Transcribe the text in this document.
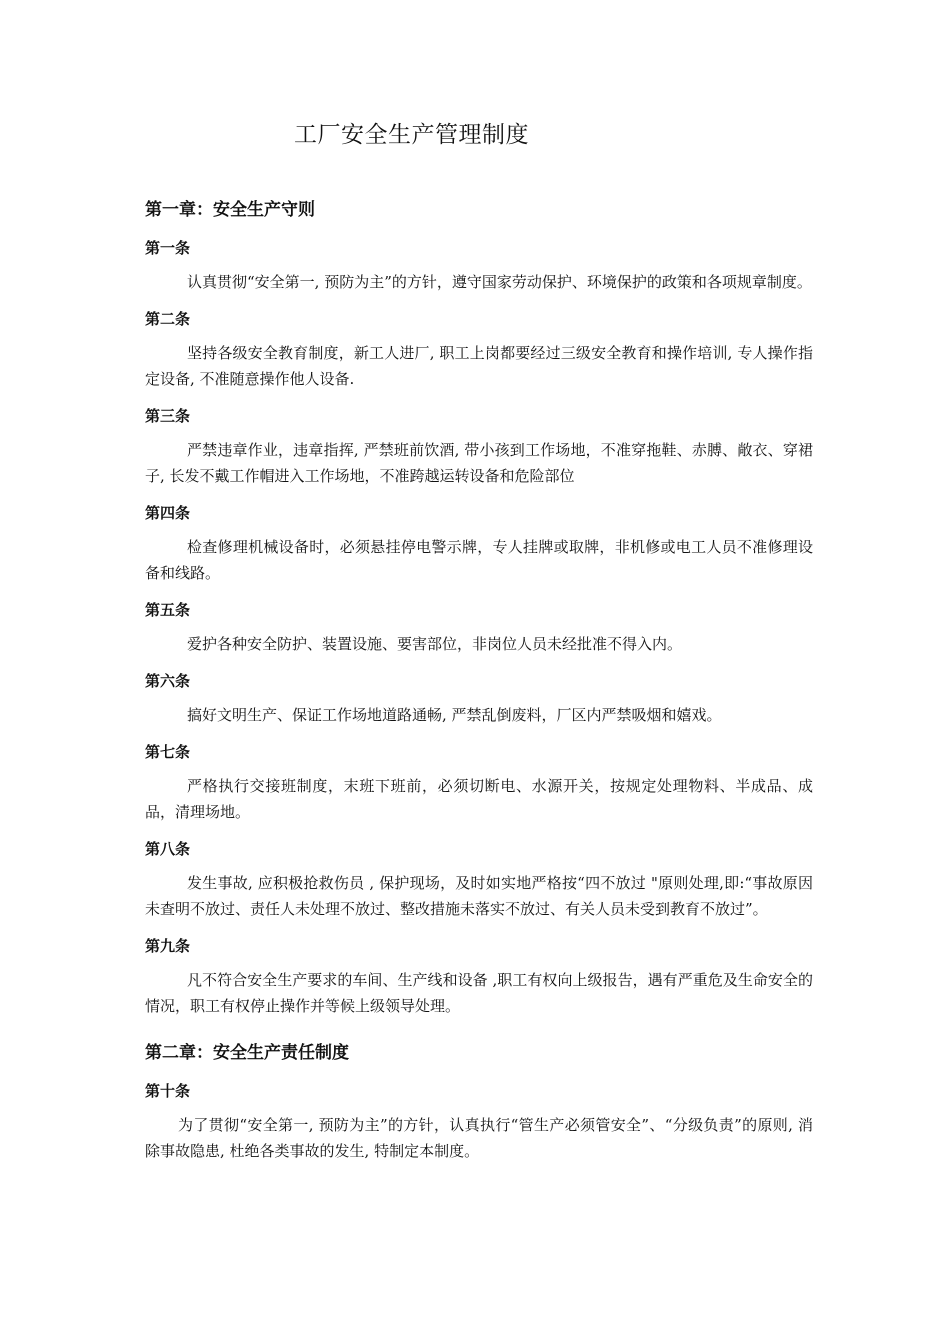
工厂安全生产管理制度
第一章：安全生产守则
第一条

认真贯彻“安全第一, 预防为主”的方针，遵守国家劳动保护、环境保护的政策和各项规章制度。

第二条

坚持各级安全教育制度，新工人进厂, 职工上岗都要经过三级安全教育和操作培训, 专人操作指定设备, 不准随意操作他人设备.

第三条

严禁违章作业，违章指挥, 严禁班前饮酒, 带小孩到工作场地，不准穿拖鞋、赤膊、敞衣、穿裙子, 长发不戴工作帽进入工作场地，不准跨越运转设备和危险部位

第四条

检查修理机械设备时，必须悬挂停电警示牌，专人挂牌或取牌，非机修或电工人员不准修理设备和线路。

第五条

爱护各种安全防护、装置设施、要害部位，非岗位人员未经批准不得入内。

第六条

搞好文明生产、保证工作场地道路通畅, 严禁乱倒废料，厂区内严禁吸烟和嬉戏。

第七条

严格执行交接班制度，末班下班前，必须切断电、水源开关，按规定处理物料、半成品、成品，清理场地。

第八条

发生事故, 应积极抢救伤员 , 保护现场，及时如实地严格按“四不放过 "原则处理,即:“事故原因未查明不放过、责任人未处理不放过、整改措施未落实不放过、有关人员未受到教育不放过”。

第九条

凡不符合安全生产要求的车间、生产线和设备 ,职工有权向上级报告，遇有严重危及生命安全的情况，职工有权停止操作并等候上级领导处理。

第二章：安全生产责任制度
第十条

为了贯彻“安全第一, 预防为主”的方针，认真执行“管生产必须管安全”、“分级负责”的原则, 消除事故隐患, 杜绝各类事故的发生, 特制定本制度。
